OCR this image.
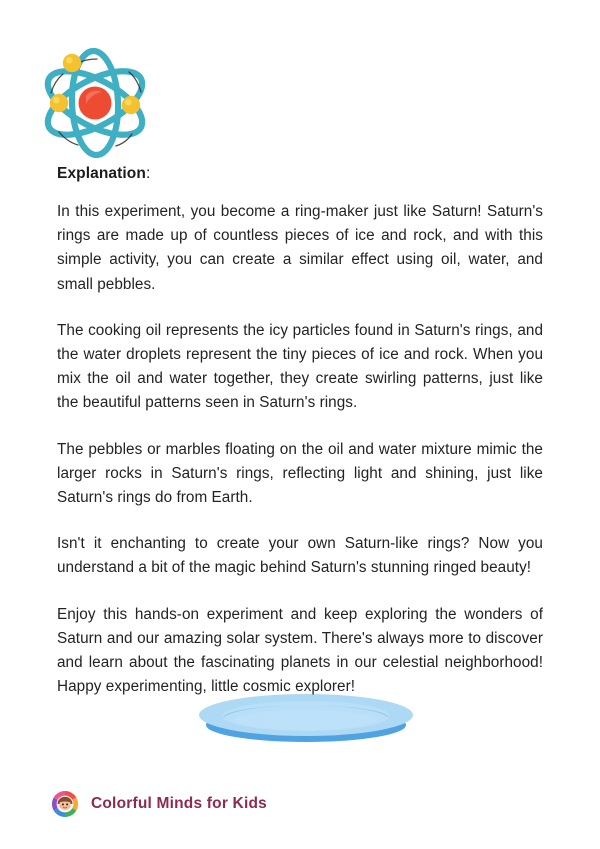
Explanation:

In this experiment, you become a ring-maker just like Saturn! Saturn's rings are made up of countless pieces of ice and rock, and with this simple activity, you can create a similar effect using oil, water, and small pebbles.

The cooking oil represents the icy particles found in Saturn's rings, and the water droplets represent the tiny pieces of ice and rock. When you mix the oil and water together, they create swirling patterns, just like the beautiful patterns seen in Saturn's rings.

The pebbles or marbles floating on the oil and water mixture mimic the larger rocks in Saturn's rings, reflecting light and shining, just like Saturn's rings do from Earth.

Isn't it enchanting to create your own Saturn-like rings? Now you understand a bit of the magic behind Saturn's stunning ringed beauty!

Enjoy this hands-on experiment and keep exploring the wonders of Saturn and our amazing solar system. There's always more to discover and learn about the fascinating planets in our celestial neighborhood! Happy experimenting, little cosmic explorer!

Colorful Minds for Kids
